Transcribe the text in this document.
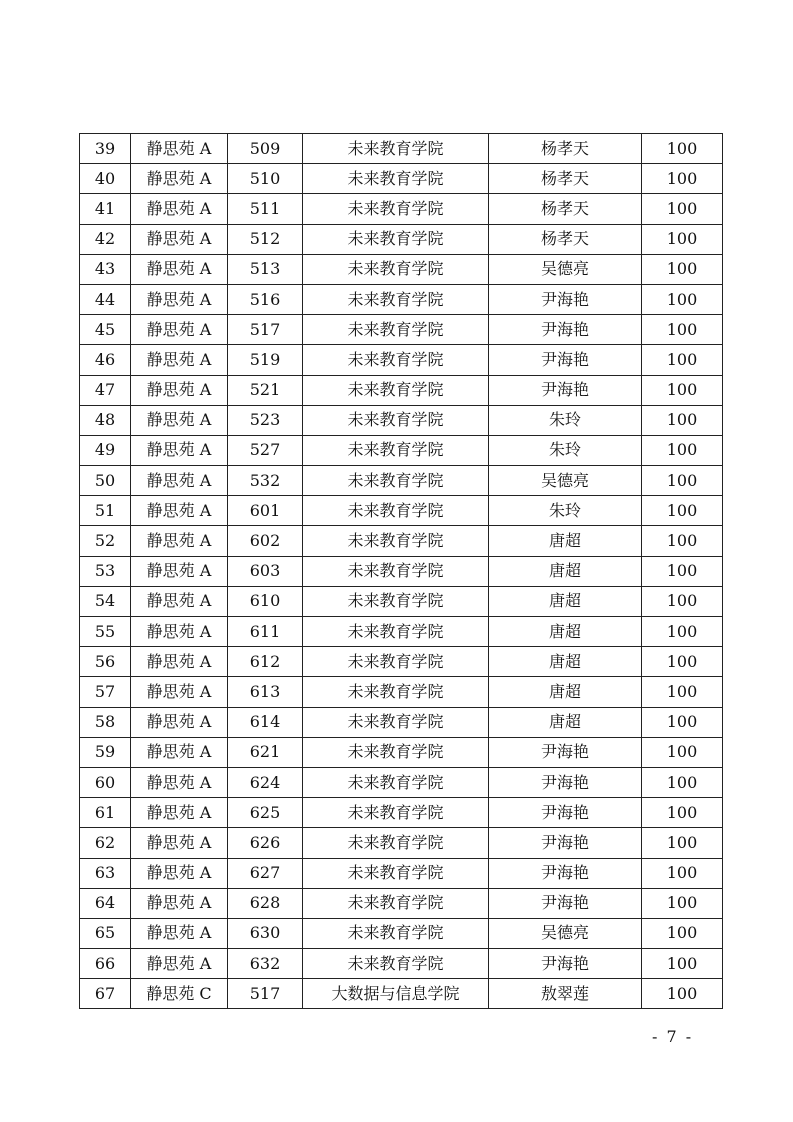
39	静思苑 A	509	未来教育学院	杨孝天	100
40	静思苑 A	510	未来教育学院	杨孝天	100
41	静思苑 A	511	未来教育学院	杨孝天	100
42	静思苑 A	512	未来教育学院	杨孝天	100
43	静思苑 A	513	未来教育学院	吴德亮	100
44	静思苑 A	516	未来教育学院	尹海艳	100
45	静思苑 A	517	未来教育学院	尹海艳	100
46	静思苑 A	519	未来教育学院	尹海艳	100
47	静思苑 A	521	未来教育学院	尹海艳	100
48	静思苑 A	523	未来教育学院	朱玲	100
49	静思苑 A	527	未来教育学院	朱玲	100
50	静思苑 A	532	未来教育学院	吴德亮	100
51	静思苑 A	601	未来教育学院	朱玲	100
52	静思苑 A	602	未来教育学院	唐超	100
53	静思苑 A	603	未来教育学院	唐超	100
54	静思苑 A	610	未来教育学院	唐超	100
55	静思苑 A	611	未来教育学院	唐超	100
56	静思苑 A	612	未来教育学院	唐超	100
57	静思苑 A	613	未来教育学院	唐超	100
58	静思苑 A	614	未来教育学院	唐超	100
59	静思苑 A	621	未来教育学院	尹海艳	100
60	静思苑 A	624	未来教育学院	尹海艳	100
61	静思苑 A	625	未来教育学院	尹海艳	100
62	静思苑 A	626	未来教育学院	尹海艳	100
63	静思苑 A	627	未来教育学院	尹海艳	100
64	静思苑 A	628	未来教育学院	尹海艳	100
65	静思苑 A	630	未来教育学院	吴德亮	100
66	静思苑 A	632	未来教育学院	尹海艳	100
67	静思苑 C	517	大数据与信息学院	敖翠莲	100
- 7 -
